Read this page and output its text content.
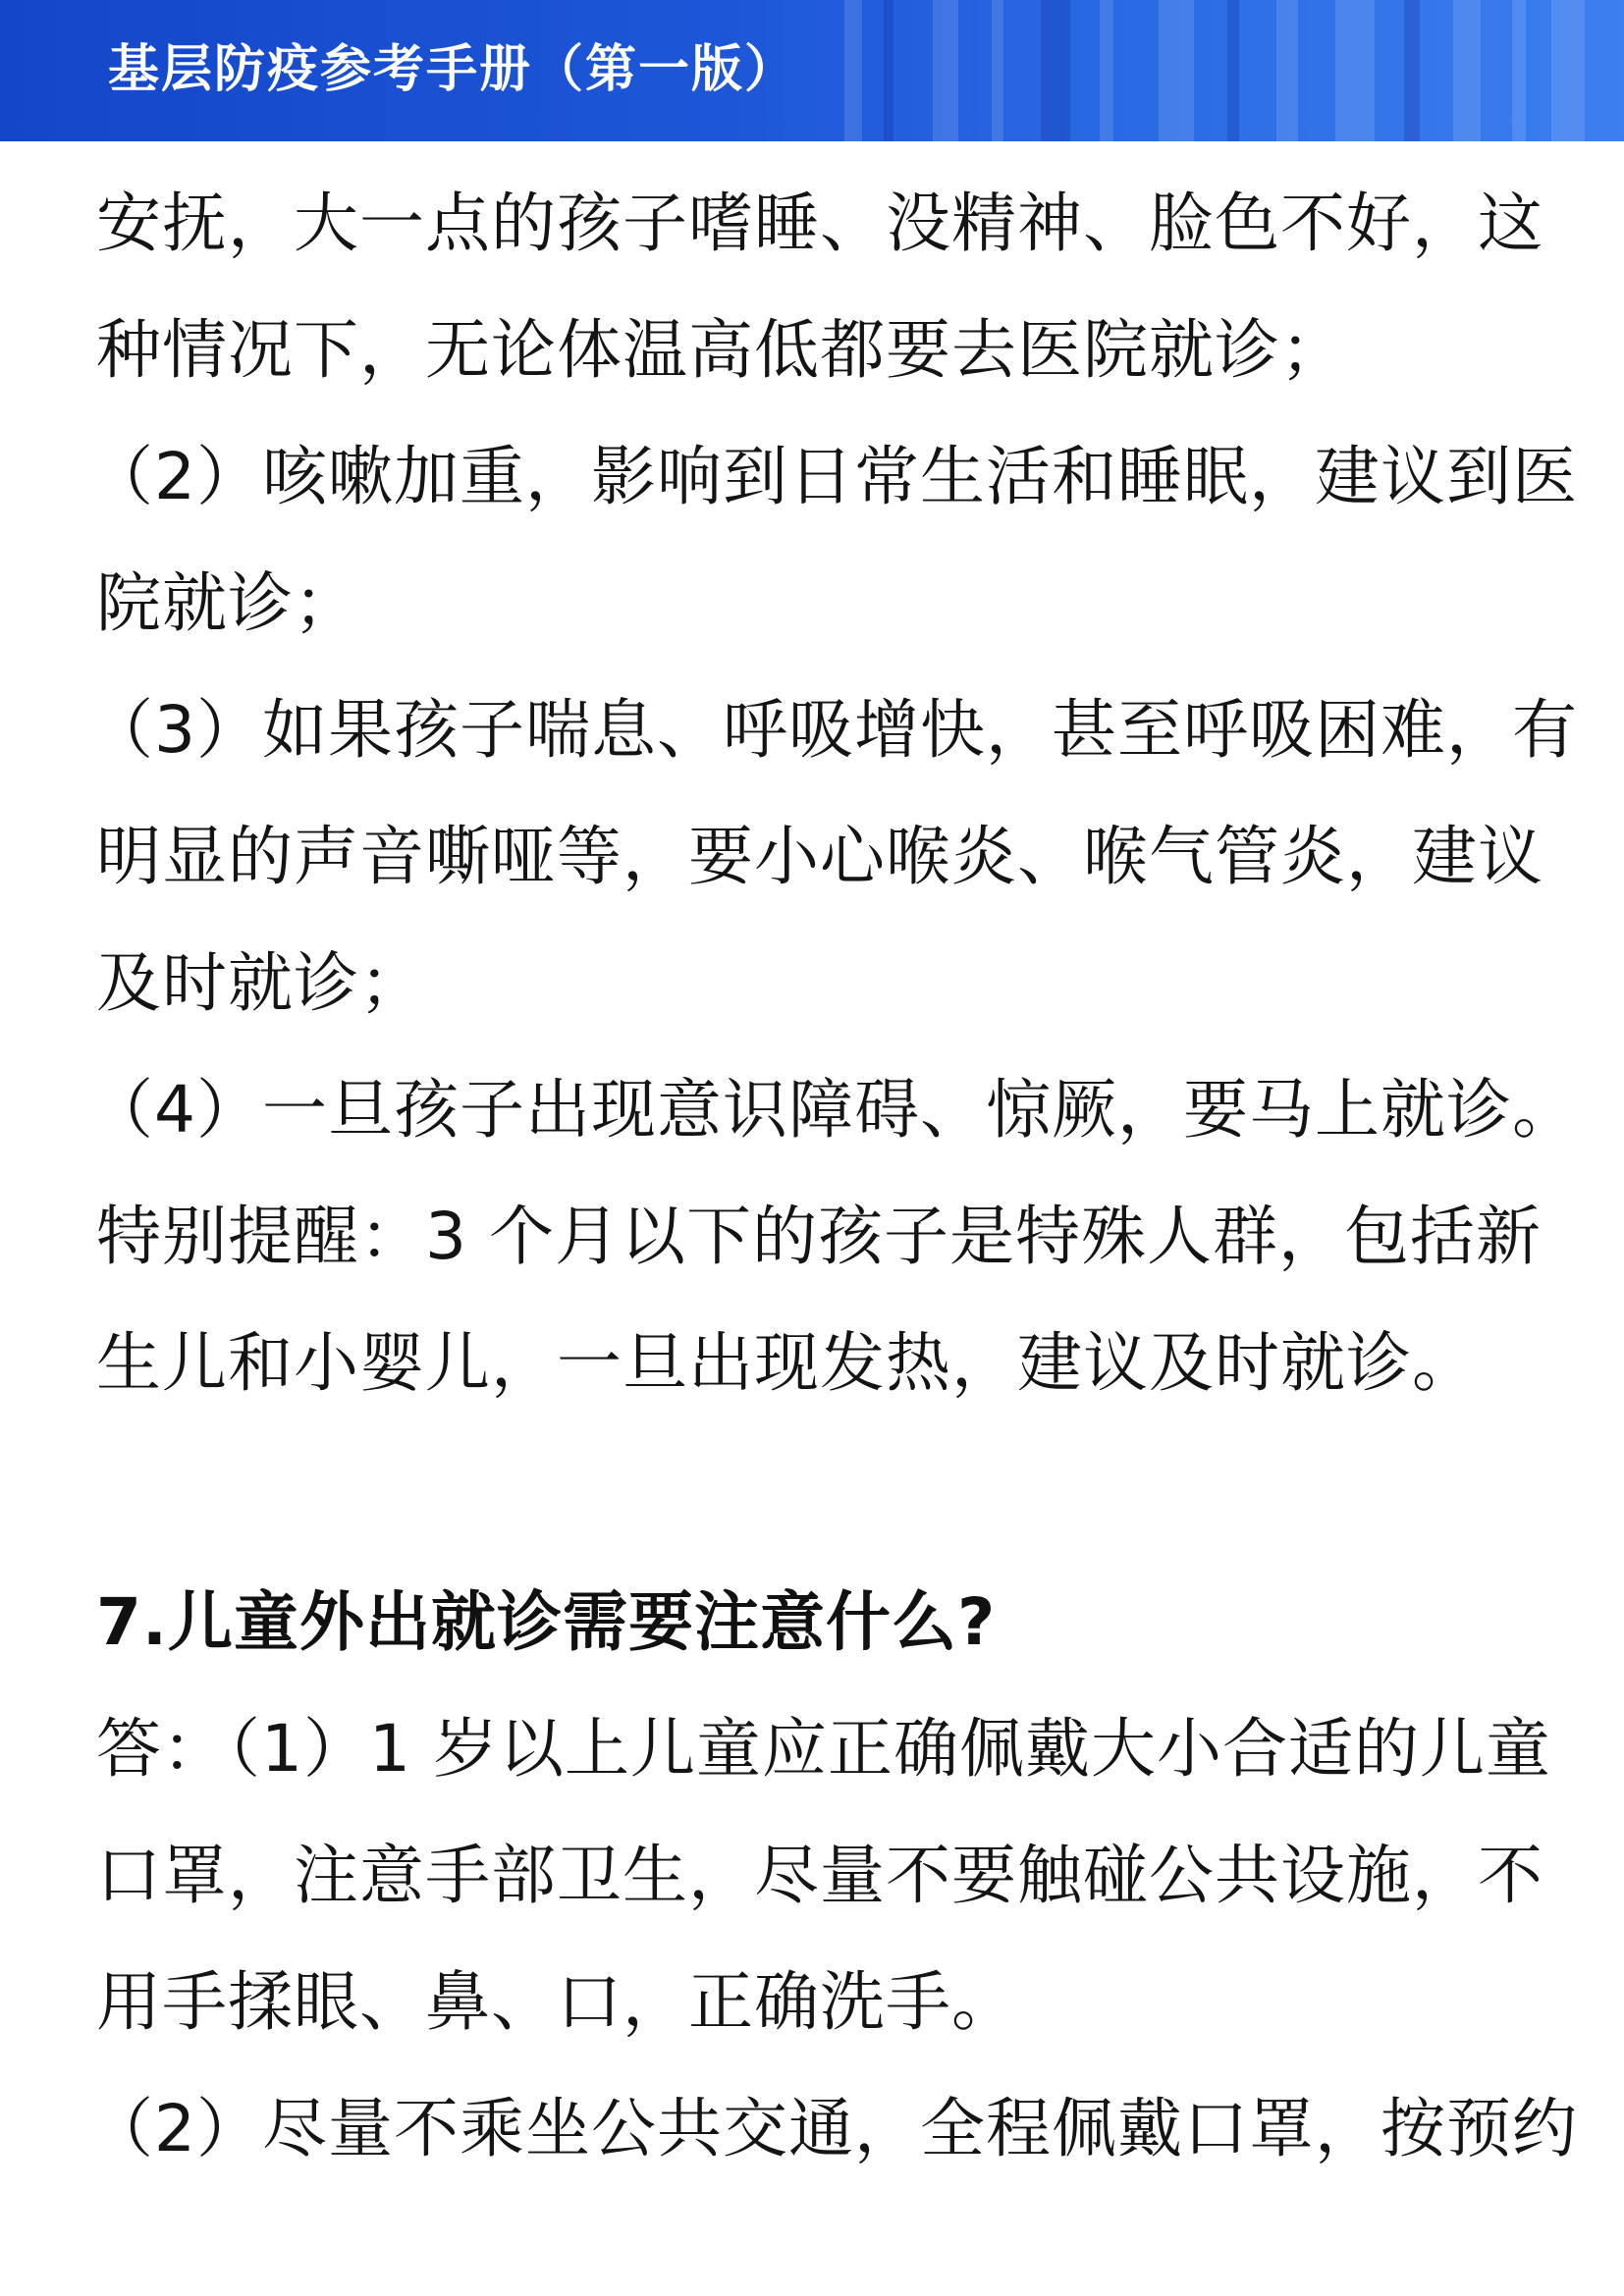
基层防疫参考手册（第一版）
安抚，大一点的孩子嗜睡、没精神、脸色不好，这
种情况下，无论体温高低都要去医院就诊；
（2）咳嗽加重，影响到日常生活和睡眠，建议到医
院就诊；
（3）如果孩子喘息、呼吸增快，甚至呼吸困难，有
明显的声音嘶哑等，要小心喉炎、喉气管炎，建议
及时就诊；
（4）一旦孩子出现意识障碍、惊厥，要马上就诊。
特别提醒：3 个月以下的孩子是特殊人群，包括新
生儿和小婴儿，一旦出现发热，建议及时就诊。
7.儿童外出就诊需要注意什么?
答：（1）1 岁以上儿童应正确佩戴大小合适的儿童
口罩，注意手部卫生，尽量不要触碰公共设施，不
用手揉眼、鼻、口，正确洗手。
（2）尽量不乘坐公共交通，全程佩戴口罩，按预约
